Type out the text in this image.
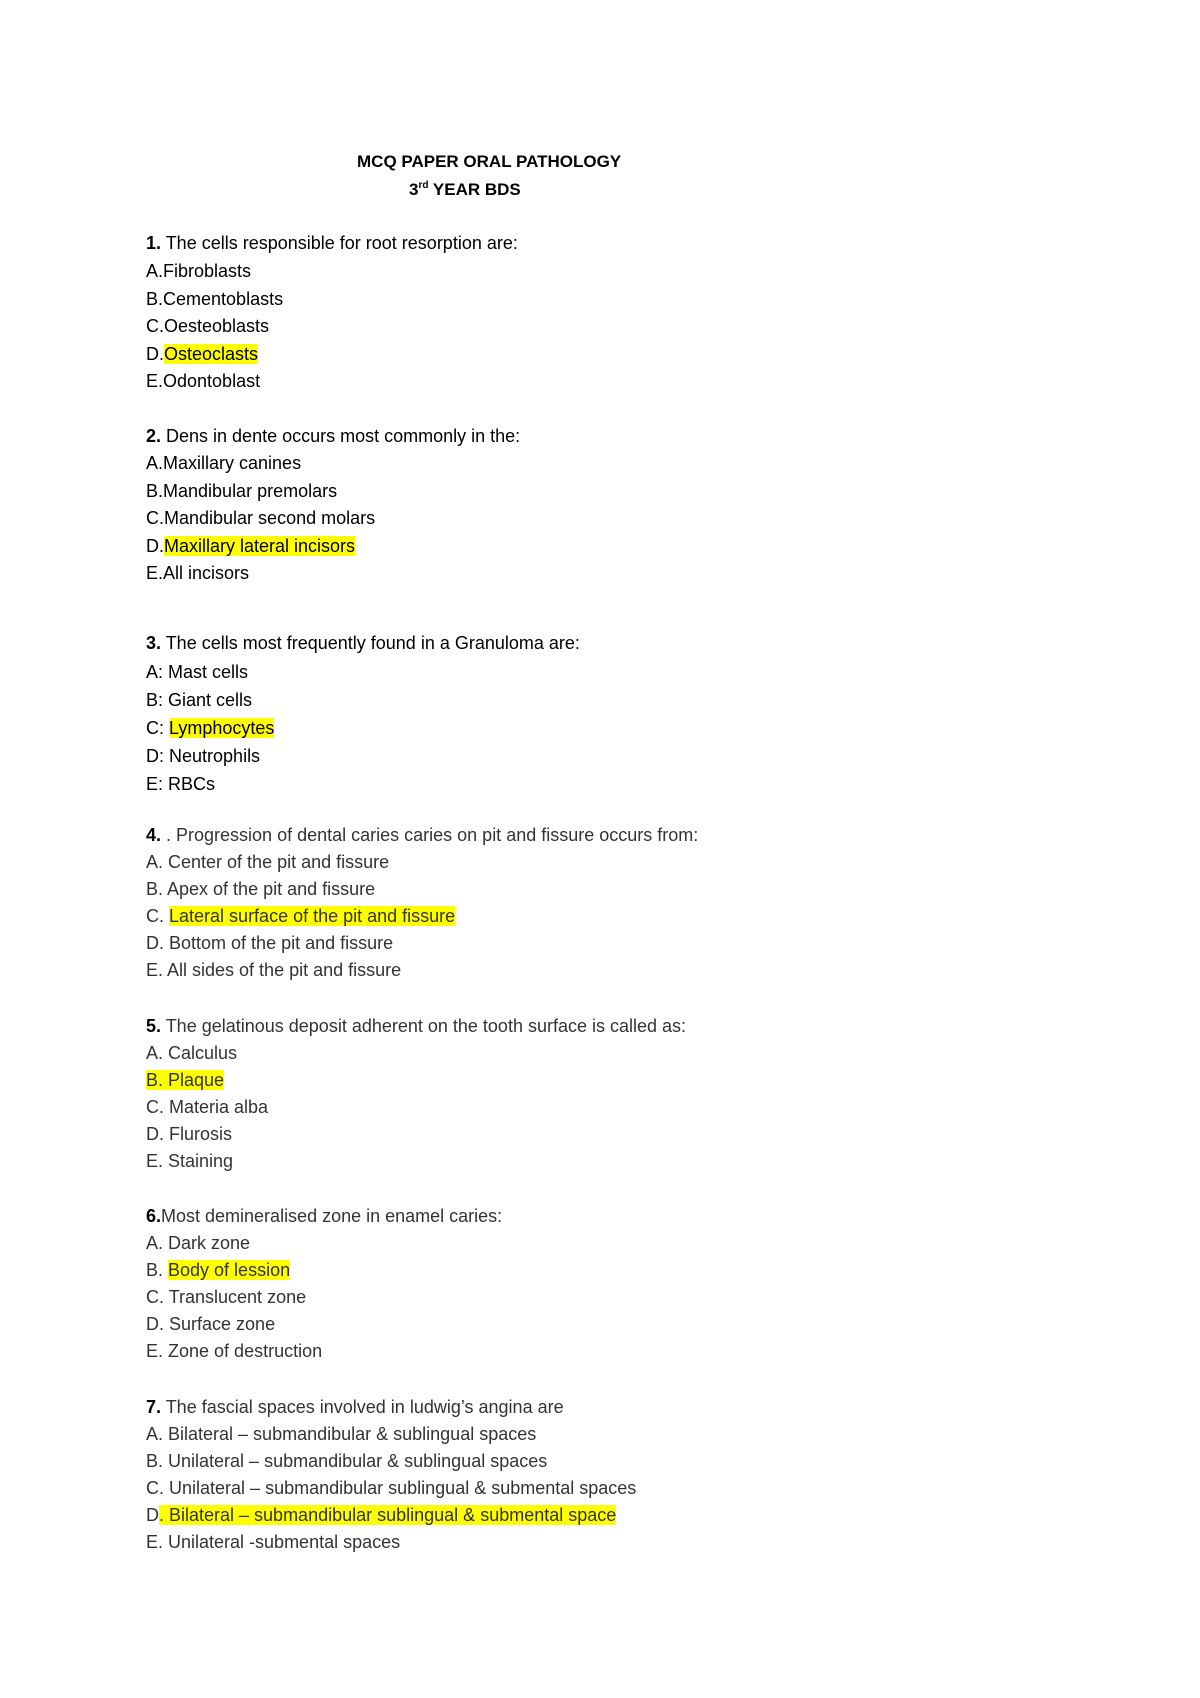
MCQ PAPER ORAL PATHOLOGY
3rd YEAR BDS
1. The cells responsible for root resorption are:
A.Fibroblasts
B.Cementoblasts
C.Oesteoblasts
D.Osteoclasts
E.Odontoblast
2. Dens in dente occurs most commonly in the:
A.Maxillary canines
B.Mandibular premolars
C.Mandibular second molars
D.Maxillary lateral incisors
E.All incisors
3. The cells most frequently found in a Granuloma are:
A: Mast cells
B: Giant cells
C: Lymphocytes
D: Neutrophils
E: RBCs
4. . Progression of dental caries caries on pit and fissure occurs from:
A. Center of the pit and fissure
B. Apex of the pit and fissure
C. Lateral surface of the pit and fissure
D. Bottom of the pit and fissure
E. All sides of the pit and fissure
5. The gelatinous deposit adherent on the tooth surface is called as:
A. Calculus
B. Plaque
C. Materia alba
D. Flurosis
E. Staining
6.Most demineralised zone in enamel caries:
A. Dark zone
B. Body of lession
C. Translucent zone
D. Surface zone
E. Zone of destruction
7. The fascial spaces involved in ludwig’s angina are
A. Bilateral – submandibular & sublingual spaces
B. Unilateral – submandibular & sublingual spaces
C. Unilateral – submandibular sublingual & submental spaces
D. Bilateral – submandibular sublingual & submental space
E. Unilateral -submental spaces
